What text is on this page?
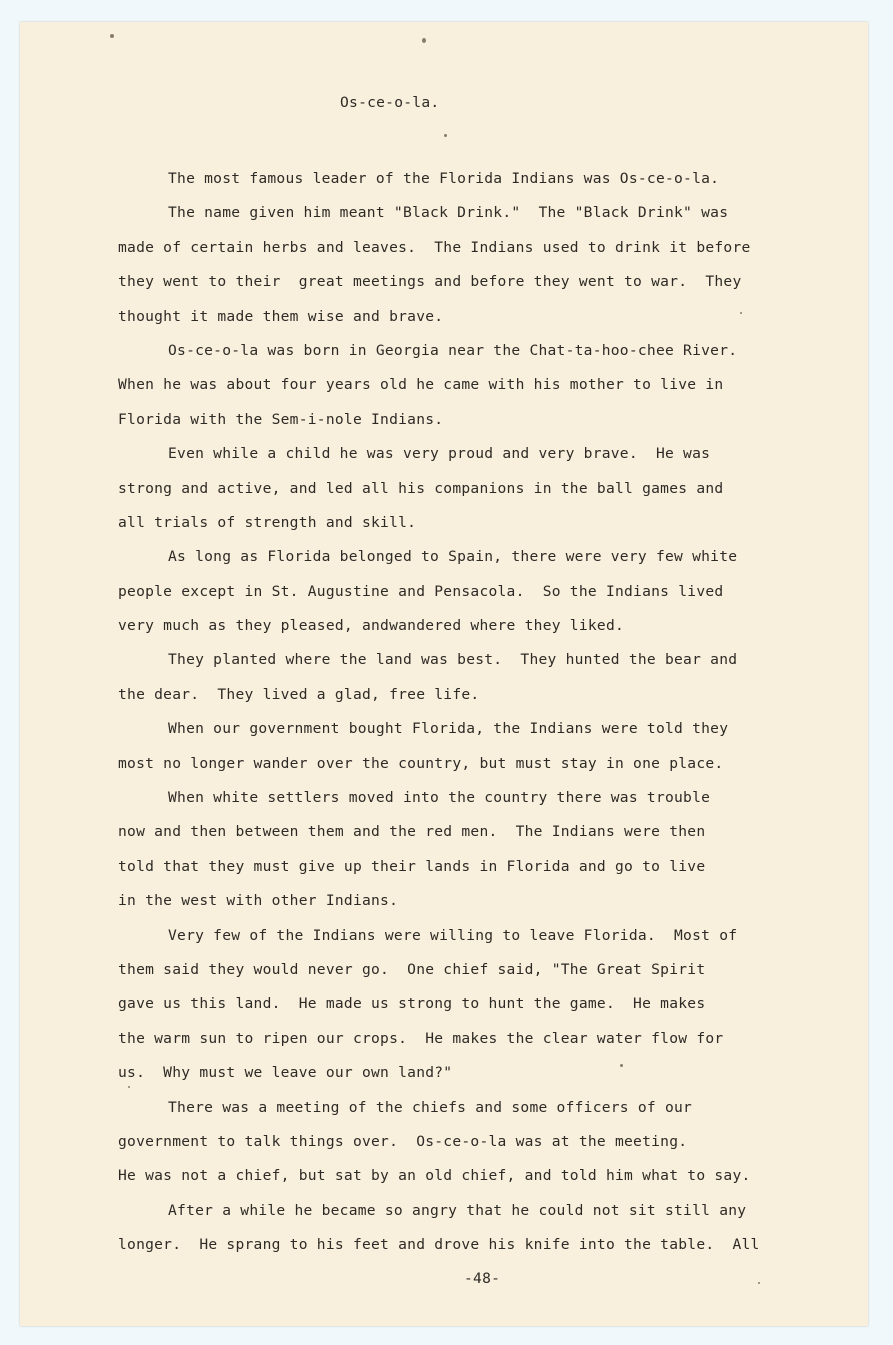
Os-ce-o-la.
The most famous leader of the Florida Indians was Os-ce-o-la.
The name given him meant "Black Drink."  The "Black Drink" was
made of certain herbs and leaves.  The Indians used to drink it before
they went to their  great meetings and before they went to war.  They
thought it made them wise and brave.
Os-ce-o-la was born in Georgia near the Chat-ta-hoo-chee River.
When he was about four years old he came with his mother to live in
Florida with the Sem-i-nole Indians.
Even while a child he was very proud and very brave.  He was
strong and active, and led all his companions in the ball games and
all trials of strength and skill.
As long as Florida belonged to Spain, there were very few white
people except in St. Augustine and Pensacola.  So the Indians lived
very much as they pleased, andwandered where they liked.
They planted where the land was best.  They hunted the bear and
the dear.  They lived a glad, free life.
When our government bought Florida, the Indians were told they
most no longer wander over the country, but must stay in one place.
When white settlers moved into the country there was trouble
now and then between them and the red men.  The Indians were then
told that they must give up their lands in Florida and go to live
in the west with other Indians.
Very few of the Indians were willing to leave Florida.  Most of
them said they would never go.  One chief said, "The Great Spirit
gave us this land.  He made us strong to hunt the game.  He makes
the warm sun to ripen our crops.  He makes the clear water flow for
us.  Why must we leave our own land?"
There was a meeting of the chiefs and some officers of our
government to talk things over.  Os-ce-o-la was at the meeting.
He was not a chief, but sat by an old chief, and told him what to say.
After a while he became so angry that he could not sit still any
longer.  He sprang to his feet and drove his knife into the table.  All
-48-
